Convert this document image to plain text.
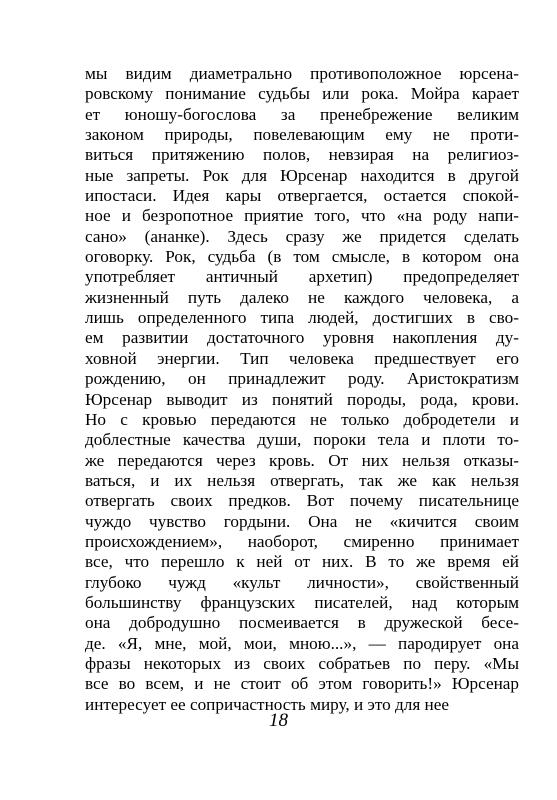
мы видим диаметрально противоположное юрсена-
ровскому понимание судьбы или рока. Мойра карает
ет юношу-богослова за пренебрежение великим
законом природы, повелевающим ему не проти-
виться притяжению полов, невзирая на религиоз-
ные запреты. Рок для Юрсенар находится в другой
ипостаси. Идея кары отвергается, остается спокой-
ное и безропотное приятие того, что «на роду напи-
сано» (ананке). Здесь сразу же придется сделать
оговорку. Рок, судьба (в том смысле, в котором она
употребляет античный архетип) предопределяет
жизненный путь далеко не каждого человека, а
лишь определенного типа людей, достигших в сво-
ем развитии достаточного уровня накопления ду-
ховной энергии. Тип человека предшествует его
рождению, он принадлежит роду. Аристократизм
Юрсенар выводит из понятий породы, рода, крови.
Но с кровью передаются не только добродетели и
доблестные качества души, пороки тела и плоти то-
же передаются через кровь. От них нельзя отказы-
ваться, и их нельзя отвергать, так же как нельзя
отвергать своих предков. Вот почему писательнице
чуждо чувство гордыни. Она не «кичится своим
происхождением», наоборот, смиренно принимает
все, что перешло к ней от них. В то же время ей
глубоко чужд «культ личности», свойственный
большинству французских писателей, над которым
она добродушно посмеивается в дружеской бесе-
де. «Я, мне, мой, мои, мною...», — пародирует она
фразы некоторых из своих собратьев по перу. «Мы
все во всем, и не стоит об этом говорить!» Юрсенар
интересует ее сопричастность миру, и это для нее
18
